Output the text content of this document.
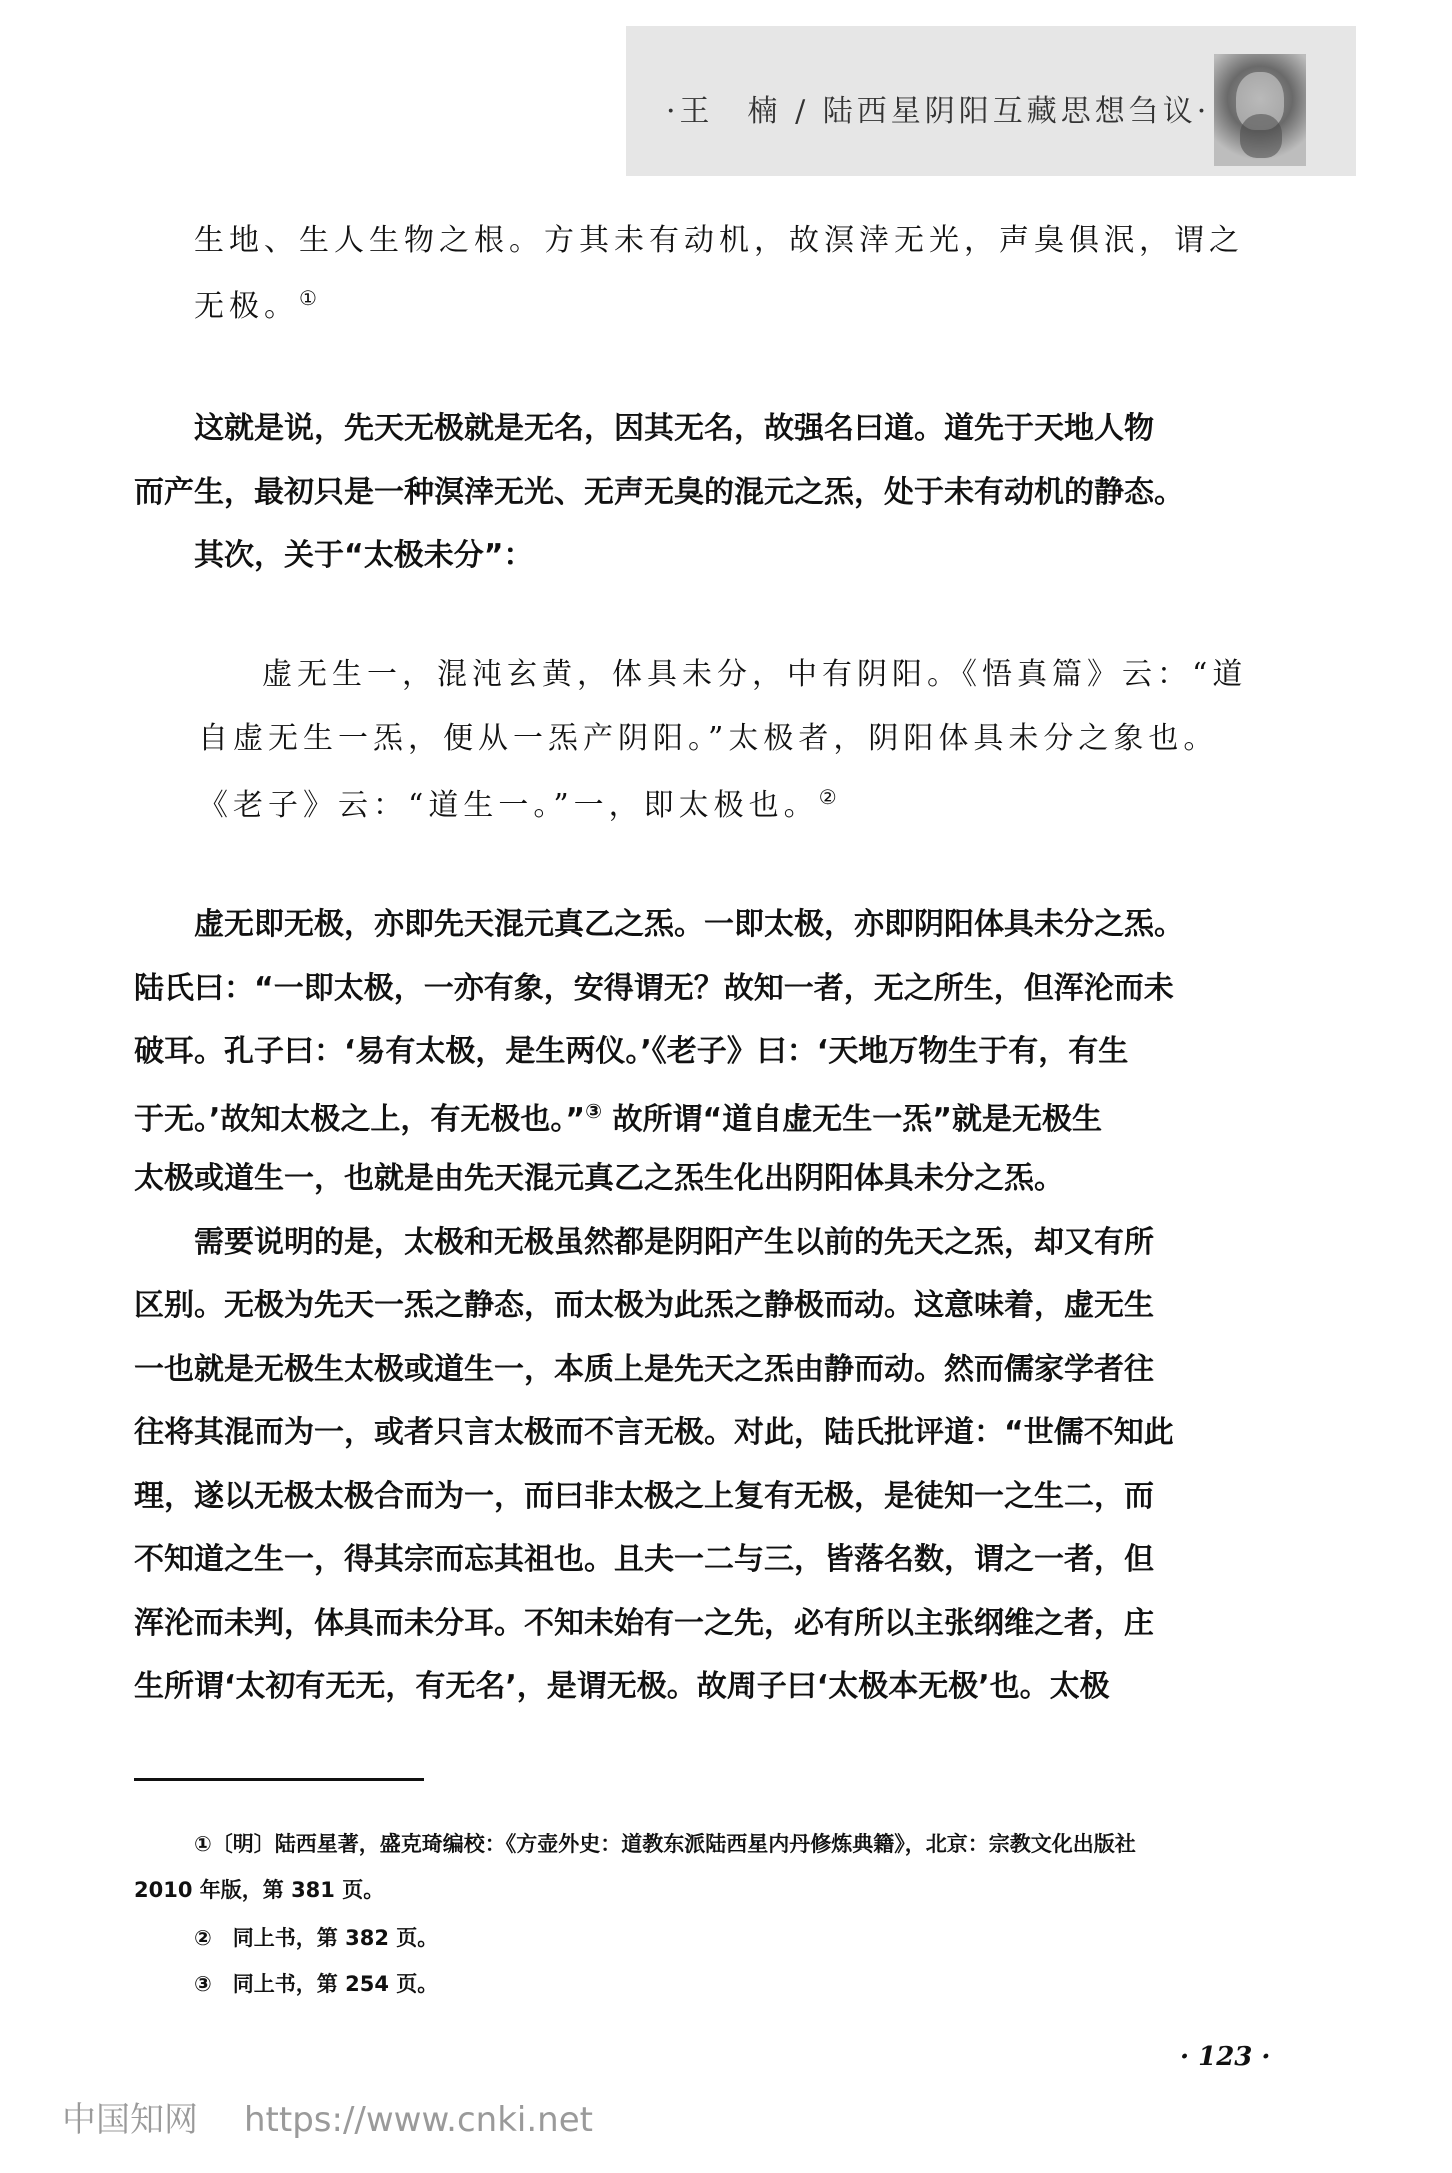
·王　楠 / 陆西星阴阳互藏思想刍议·
生地、生人生物之根。方其未有动机，故溟涬无光，声臭俱泯，谓之
无极。①
这就是说，先天无极就是无名，因其无名，故强名曰道。道先于天地人物
而产生，最初只是一种溟涬无光、无声无臭的混元之炁，处于未有动机的静态。
其次，关于“太极未分”：
虚无生一，混沌玄黄，体具未分，中有阴阳。《悟真篇》云：“道
自虚无生一炁，便从一炁产阴阳。”太极者，阴阳体具未分之象也。
《老子》云：“道生一。”一，即太极也。②
虚无即无极，亦即先天混元真乙之炁。一即太极，亦即阴阳体具未分之炁。
陆氏曰：“一即太极，一亦有象，安得谓无？故知一者，无之所生，但浑沦而未
破耳。孔子曰：‘易有太极，是生两仪。’《老子》曰：‘天地万物生于有，有生
于无。’故知太极之上，有无极也。”③ 故所谓“道自虚无生一炁”就是无极生
太极或道生一，也就是由先天混元真乙之炁生化出阴阳体具未分之炁。
需要说明的是，太极和无极虽然都是阴阳产生以前的先天之炁，却又有所
区别。无极为先天一炁之静态，而太极为此炁之静极而动。这意味着，虚无生
一也就是无极生太极或道生一，本质上是先天之炁由静而动。然而儒家学者往
往将其混而为一，或者只言太极而不言无极。对此，陆氏批评道：“世儒不知此
理，遂以无极太极合而为一，而曰非太极之上复有无极，是徒知一之生二，而
不知道之生一，得其宗而忘其祖也。且夫一二与三，皆落名数，谓之一者，但
浑沦而未判，体具而未分耳。不知未始有一之先，必有所以主张纲维之者，庄
生所谓‘太初有无无，有无名’，是谓无极。故周子曰‘太极本无极’也。太极
①〔明〕陆西星著，盛克琦编校：《方壶外史：道教东派陆西星内丹修炼典籍》，北京：宗教文化出版社
2010 年版，第 381 页。
②　同上书，第 382 页。
③　同上书，第 254 页。
· 123 ·
中国知网 https://www.cnki.net
